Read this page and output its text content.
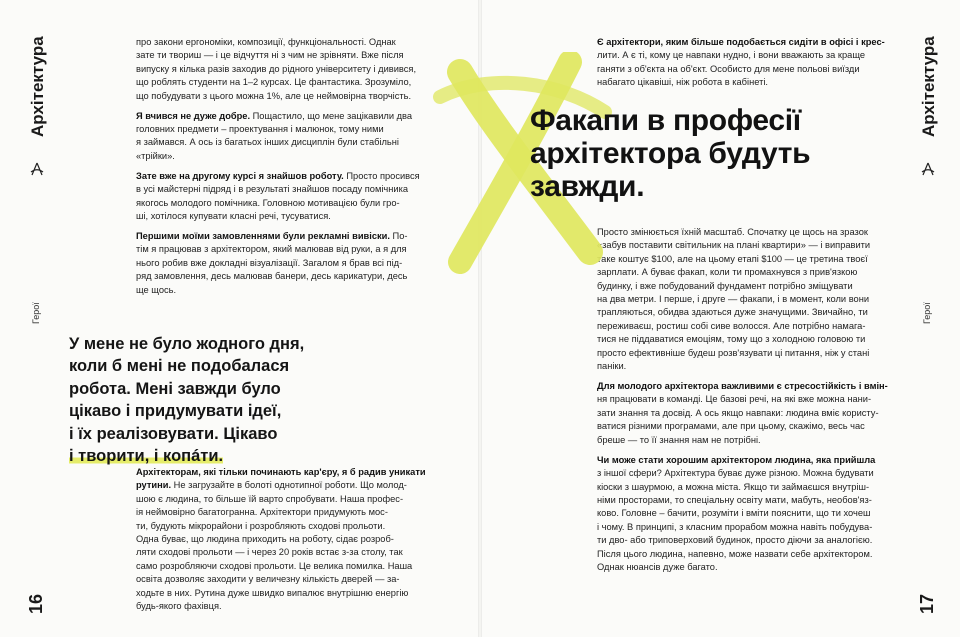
Архітектура
Герої
16

про закони ергономіки, композиції, функціональності. Однак
зате ти твориш — і це відчуття ні з чим не зрівняти. Вже після
випуску я кілька разів заходив до рідного університету і дивився,
що роблять студенти на 1–2 курсах. Це фантастика. Зрозуміло,
що побудувати з цього можна 1%, але це неймовірна творчість.

Я вчився не дуже добре. Пощастило, що мене зацікавили два
головних предмети – проектування і малюнок, тому ними
я займався. А ось із багатьох інших дисциплін були стабільні
«трійки».

Зате вже на другому курсі я знайшов роботу. Просто просився
в усі майстерні підряд і в результаті знайшов посаду помічника
якогось молодого помічника. Головною мотивацією були гро-
ші, хотілося купувати класні речі, тусуватися.

Першими моїми замовленнями були рекламні вивіски. По-
тім я працював з архітектором, який малював від руки, а я для
нього робив вже докладні візуалізації. Загалом я брав всі під-
ряд замовлення, десь малював банери, десь карикатури, десь
ще щось.

У мене не було жодного дня,
коли б мені не подобалася
робота. Мені завжди було
цікаво і придумувати ідеї,
і їх реалізовувати. Цікаво
і творити, і копáти.

Архітекторам, які тільки починають кар'єру, я б радив уникати
рутини. Не загрузайте в болоті однотипної роботи. Що молод-
шою є людина, то більше їй варто спробувати. Наша профес-
ія неймовірно багатогранна. Архітектори придумують мос-
ти, будують мікрорайони і розробляють сходові прольоти.
Одна буває, що людина приходить на роботу, сідає розроб-
ляти сходові прольоти — і через 20 років встає з-за столу, так
само розробляючи сходові прольоти. Це велика помилка. Наша
освіта дозволяє заходити у величезну кількість дверей — за-
ходьте в них. Рутина дуже швидко випалює внутрішню енергію
будь-якого фахівця.

Архітектура
Герої
17

Є архітектори, яким більше подобається сидіти в офісі і крес-
лити. А є ті, кому це навпаки нудно, і вони вважають за краще
ганяти з об'єкта на об'єкт. Особисто для мене польові виїзди
набагато цікавіші, ніж робота в кабінеті.

Просто змінюється їхній масштаб. Спочатку це щось на зразок
«забув поставити світильник на плані квартири» — і виправити
таке коштує $100, але на цьому етапі $100 — це третина твоєї
зарплати. А буває факап, коли ти промахнувся з прив'язкою
будинку, і вже побудований фундамент потрібно зміщувати
на два метри. І перше, і друге — факапи, і в момент, коли вони
трапляються, обидва здаються дуже значущими. Звичайно, ти
переживаєш, ростиш собі сиве волосся. Але потрібно намага-
тися не піддаватися емоціям, тому що з холодною головою ти
просто ефективніше будеш розв'язувати ці питання, ніж у стані
паніки.

Для молодого архітектора важливими є стресостійкість і вмін-
ня працювати в команді. Це базові речі, на які вже можна нани-
зати знання та досвід. А ось якщо навпаки: людина вміє користу-
ватися різними програмами, але при цьому, скажімо, весь час
бреше — то її знання нам не потрібні.

Чи може стати хорошим архітектором людина, яка прийшла
з іншої сфери? Архітектура буває дуже різною. Можна будувати
кіоски з шаурмою, а можна міста. Якщо ти займаєшся внутріш-
німи просторами, то спеціальну освіту мати, мабуть, необов'яз-
ково. Головне – бачити, розуміти і вміти пояснити, що ти хочеш
і чому. В принципі, з класним прорабом можна навіть побудува-
ти дво- або триповерховий будинок, просто діючи за аналогією.
Після цього людина, напевно, може назвати себе архітектором.
Однак нюансів дуже багато.

Факапи в професії
архітектора будуть
завжди.
